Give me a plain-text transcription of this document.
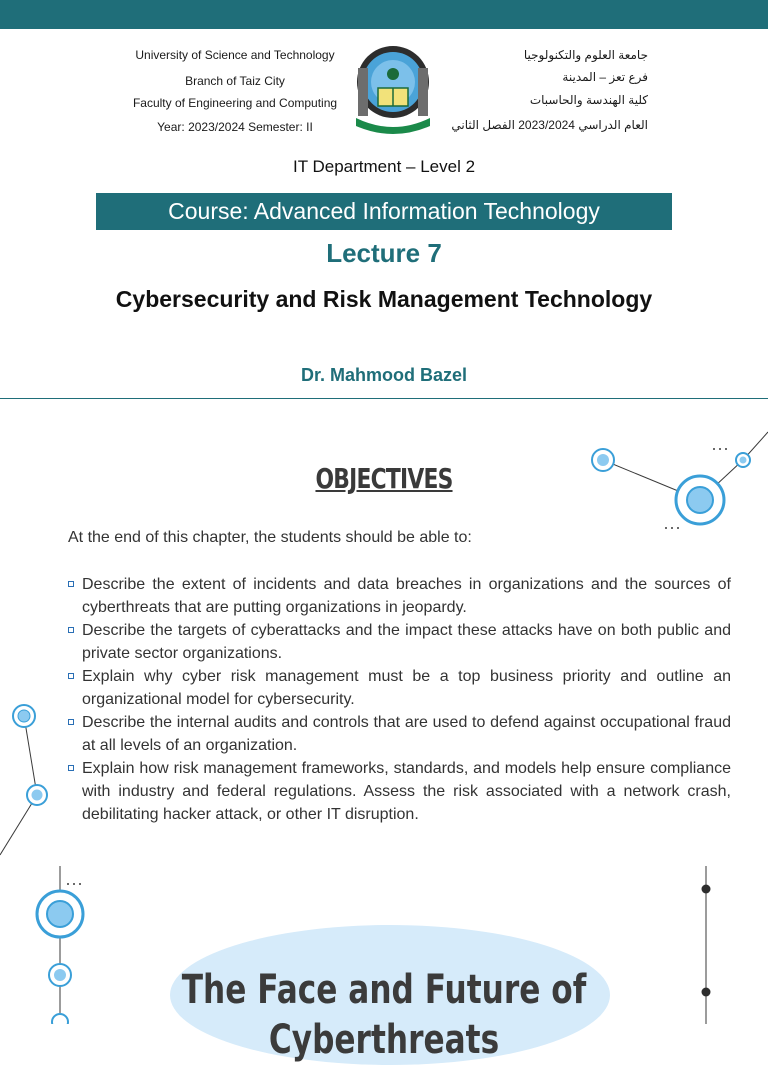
University of Science and Technology
Branch of Taiz City
Faculty of Engineering and Computing
Year: 2023/2024 Semester: II
جامعة العلوم والتكنولوجيا
فرع تعز – المدينة
كلية الهندسة والحاسبات
العام الدراسي 2023/2024 الفصل الثاني
IT Department – Level 2
Course: Advanced Information Technology
Lecture 7
Cybersecurity and Risk Management Technology
Dr. Mahmood Bazel
OBJECTIVES
At the end of this chapter, the students should be able to:
Describe the extent of incidents and data breaches in organizations and the sources of cyberthreats that are putting organizations in jeopardy.
Describe the targets of cyberattacks and the impact these attacks have on both public and private sector organizations.
Explain why cyber risk management must be a top business priority and outline an organizational model for cybersecurity.
Describe the internal audits and controls that are used to defend against occupational fraud at all levels of an organization.
Explain how risk management frameworks, standards, and models help ensure compliance with industry and federal regulations. Assess the risk associated with a network crash, debilitating hacker attack, or other IT disruption.
The Face and Future of
Cyberthreats
